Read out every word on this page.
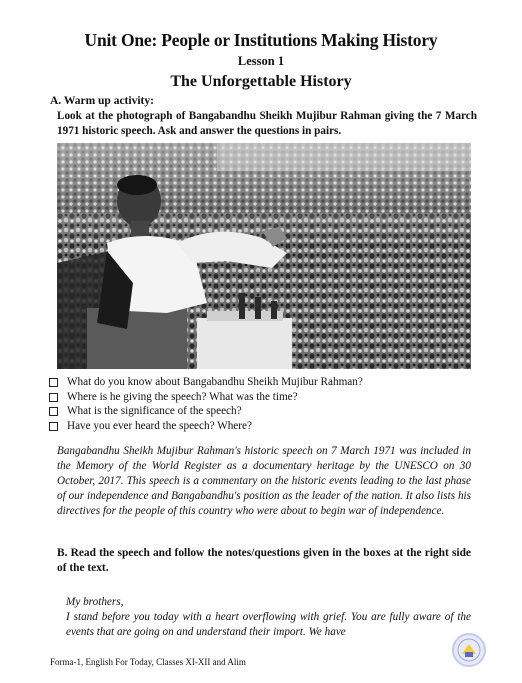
Unit One: People or Institutions Making History
Lesson 1
The Unforgettable History
A. Warm up activity:
Look at the photograph of Bangabandhu Sheikh Mujibur Rahman giving the 7 March 1971 historic speech. Ask and answer the questions in pairs.
What do you know about Bangabandhu Sheikh Mujibur Rahman?
Where is he giving the speech? What was the time?
What is the significance of the speech?
Have you ever heard the speech? Where?
Bangabandhu Sheikh Mujibur Rahman's historic speech on 7 March 1971 was included in the Memory of the World Register as a documentary heritage by the UNESCO on 30 October, 2017. This speech is a commentary on the historic events leading to the last phase of our independence and Bangabandhu's position as the leader of the nation. It also lists his directives for the people of this country who were about to begin war of independence.
B. Read the speech and follow the notes/questions given in the boxes at the right side of the text.
My brothers,
I stand before you today with a heart overflowing with grief. You are fully aware of the events that are going on and understand their import. We have
Forma-1, English For Today, Classes XI-XII and Alim
